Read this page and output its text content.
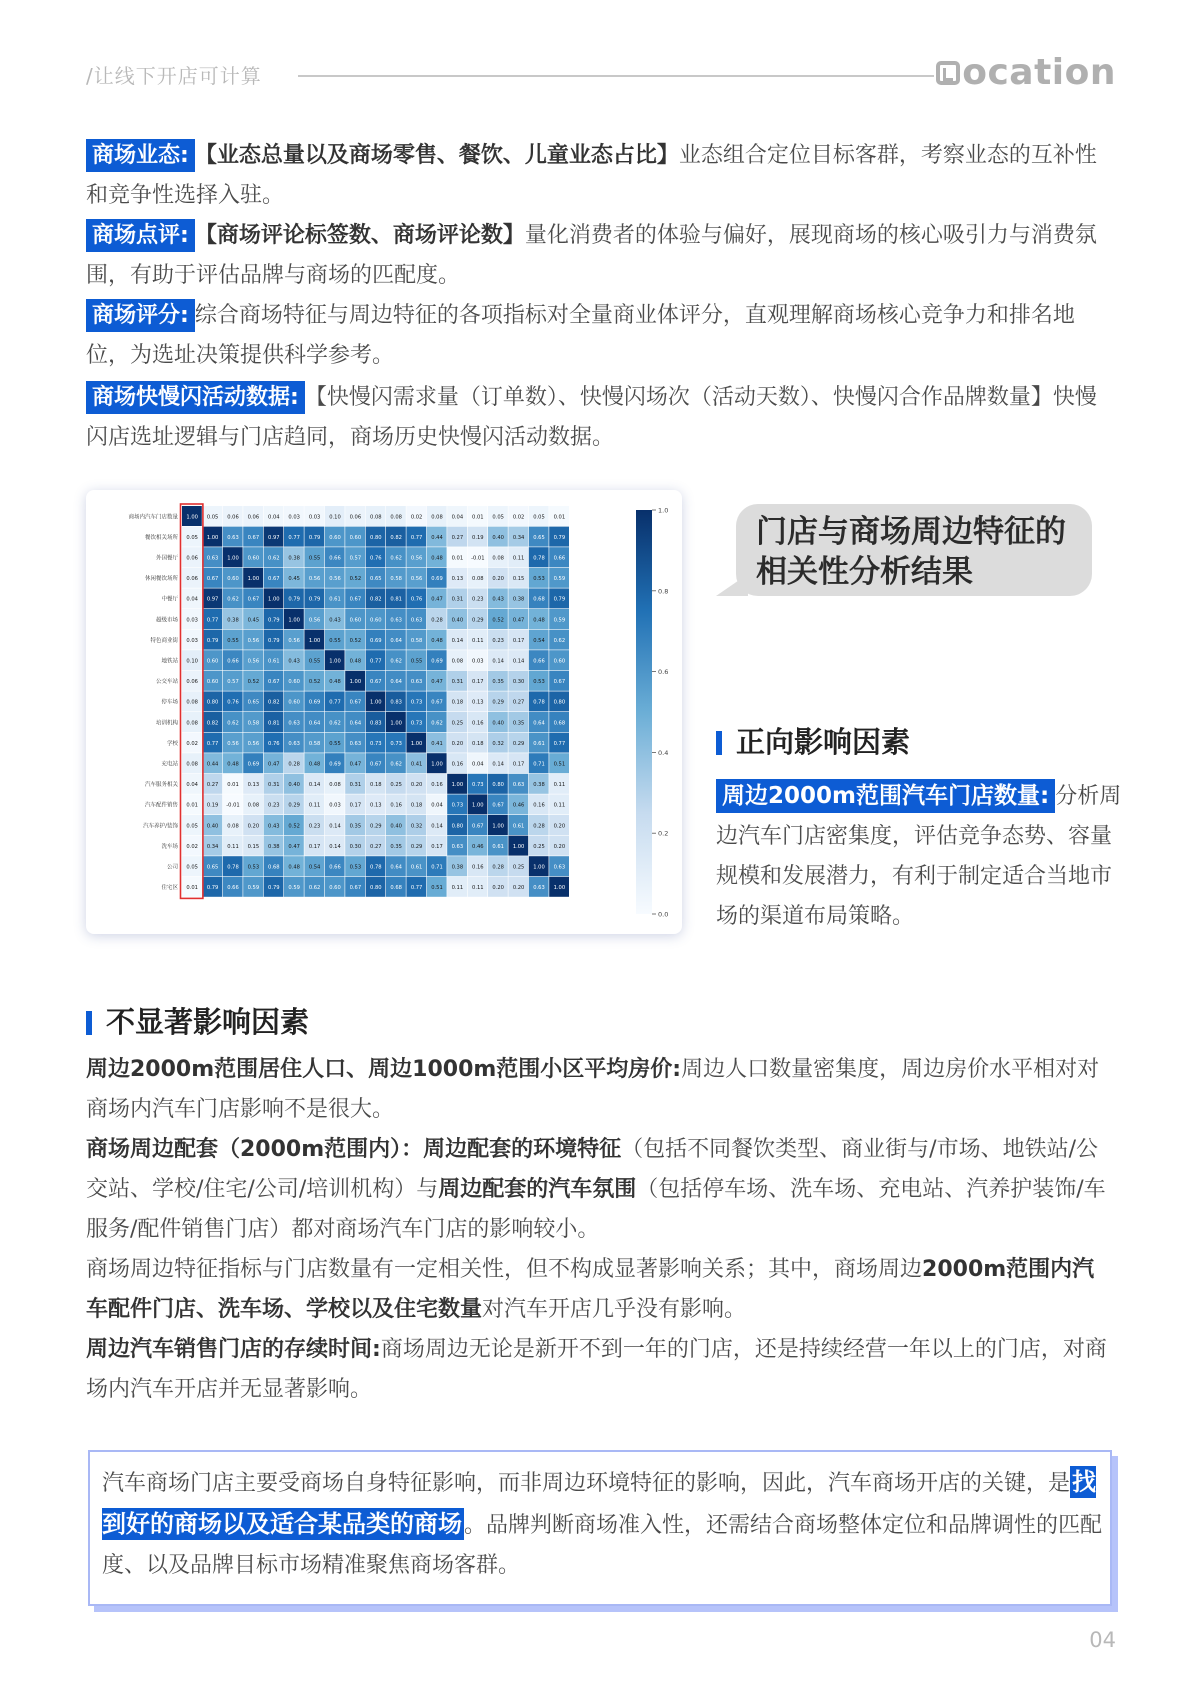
/让线下开店可计算	ocation
商场业态: 【业态总量以及商场零售、餐饮、儿童业态占比】业态组合定位目标客群，考察业态的互补性和竞争性选择入驻。
商场点评: 【商场评论标签数、商场评论数】量化消费者的体验与偏好，展现商场的核心吸引力与消费氛围，有助于评估品牌与商场的匹配度。
商场评分: 综合商场特征与周边特征的各项指标对全量商业体评分，直观理解商场核心竞争力和排名地位，为选址决策提供科学参考。
商场快慢闪活动数据: 【快慢闪需求量（订单数）、快慢闪场次（活动天数）、快慢闪合作品牌数量】快慢闪店选址逻辑与门店趋同，商场历史快慢闪活动数据。
1.00 0.05 0.06 0.06 0.04 0.03 0.03 0.10 0.06 0.08 0.08 0.02 0.08 0.04 0.01 0.05 0.02 0.05 0.01
商场内汽车门店数量
0.05 1.00 0.63 0.67 0.97 0.77 0.79 0.60 0.60 0.80 0.82 0.77 0.44 0.27 0.19 0.40 0.34 0.65 0.79
餐饮相关场所
0.06 0.63 1.00 0.60 0.62 0.38 0.55 0.66 0.57 0.76 0.62 0.56 0.48 0.01 -0.01 0.08 0.11 0.78 0.66
外国餐厅
0.06 0.67 0.60 1.00 0.67 0.45 0.56 0.56 0.52 0.65 0.58 0.56 0.69 0.13 0.08 0.20 0.15 0.53 0.59
休闲餐饮场所
0.04 0.97 0.62 0.67 1.00 0.79 0.79 0.61 0.67 0.82 0.81 0.76 0.47 0.31 0.23 0.43 0.38 0.68 0.79
中餐厅
0.03 0.77 0.38 0.45 0.79 1.00 0.56 0.43 0.60 0.60 0.63 0.63 0.28 0.40 0.29 0.52 0.47 0.48 0.59
超级市场
0.03 0.79 0.55 0.56 0.79 0.56 1.00 0.55 0.52 0.69 0.64 0.58 0.48 0.14 0.11 0.23 0.17 0.54 0.62
特色商业街
0.10 0.60 0.66 0.56 0.61 0.43 0.55 1.00 0.48 0.77 0.62 0.55 0.69 0.08 0.03 0.14 0.14 0.66 0.60
地铁站
0.06 0.60 0.57 0.52 0.67 0.60 0.52 0.48 1.00 0.67 0.64 0.63 0.47 0.31 0.17 0.35 0.30 0.53 0.67
公交车站
0.08 0.80 0.76 0.65 0.82 0.60 0.69 0.77 0.67 1.00 0.83 0.73 0.67 0.18 0.13 0.29 0.27 0.78 0.80
停车场
0.08 0.82 0.62 0.58 0.81 0.63 0.64 0.62 0.64 0.83 1.00 0.73 0.62 0.25 0.16 0.40 0.35 0.64 0.68
培训机构
0.02 0.77 0.56 0.56 0.76 0.63 0.58 0.55 0.63 0.73 0.73 1.00 0.41 0.20 0.18 0.32 0.29 0.61 0.77
学校
0.08 0.44 0.48 0.69 0.47 0.28 0.48 0.69 0.47 0.67 0.62 0.41 1.00 0.16 0.04 0.14 0.17 0.71 0.51
充电站
0.04 0.27 0.01 0.13 0.31 0.40 0.14 0.08 0.31 0.18 0.25 0.20 0.16 1.00 0.73 0.80 0.63 0.38 0.11
汽车服务相关
0.01 0.19 -0.01 0.08 0.23 0.29 0.11 0.03 0.17 0.13 0.16 0.18 0.04 0.73 1.00 0.67 0.46 0.16 0.11
汽车配件销售
0.05 0.40 0.08 0.20 0.43 0.52 0.23 0.14 0.35 0.29 0.40 0.32 0.14 0.80 0.67 1.00 0.61 0.28 0.20
汽车养护/装饰
0.02 0.34 0.11 0.15 0.38 0.47 0.17 0.14 0.30 0.27 0.35 0.29 0.17 0.63 0.46 0.61 1.00 0.25 0.20
洗车场
0.05 0.65 0.78 0.53 0.68 0.48 0.54 0.66 0.53 0.78 0.64 0.61 0.71 0.38 0.16 0.28 0.25 1.00 0.63
公司
0.01 0.79 0.66 0.59 0.79 0.59 0.62 0.60 0.67 0.80 0.68 0.77 0.51 0.11 0.11 0.20 0.20 0.63 1.00
住宅区
1.0
0.8
0.6
0.4
0.2
0.0
门店与商场周边特征的
相关性分析结果
正向影响因素
周边2000m范围汽车门店数量: 分析周边汽车门店密集度，评估竞争态势、容量规模和发展潜力，有利于制定适合当地市场的渠道布局策略。
不显著影响因素
周边2000m范围居住人口、周边1000m范围小区平均房价:周边人口数量密集度，周边房价水平相对对商场内汽车门店影响不是很大。
商场周边配套（2000m范围内）：周边配套的环境特征（包括不同餐饮类型、商业街与/市场、地铁站/公交站、学校/住宅/公司/培训机构）与周边配套的汽车氛围（包括停车场、洗车场、充电站、汽养护装饰/车服务/配件销售门店）都对商场汽车门店的影响较小。
商场周边特征指标与门店数量有一定相关性，但不构成显著影响关系；其中，商场周边2000m范围内汽车配件门店、洗车场、学校以及住宅数量对汽车开店几乎没有影响。
周边汽车销售门店的存续时间:商场周边无论是新开不到一年的门店，还是持续经营一年以上的门店，对商场内汽车开店并无显著影响。
汽车商场门店主要受商场自身特征影响，而非周边环境特征的影响，因此，汽车商场开店的关键，是找到好的商场以及适合某品类的商场。品牌判断商场准入性，还需结合商场整体定位和品牌调性的匹配度、以及品牌目标市场精准聚焦商场客群。
04
